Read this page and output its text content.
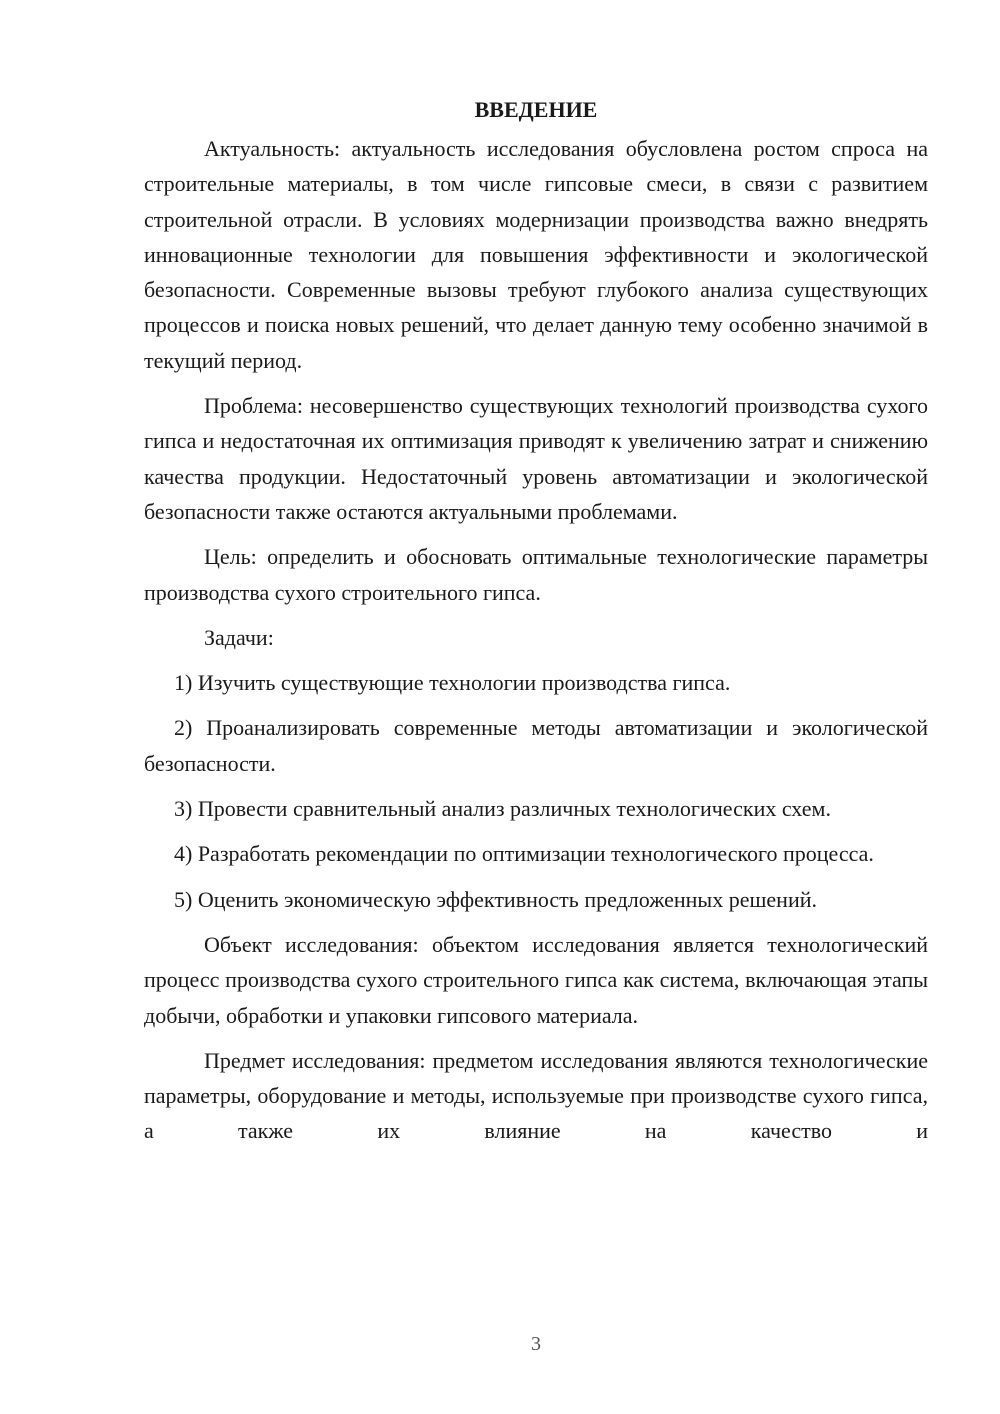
ВВЕДЕНИЕ

Актуальность: актуальность исследования обусловлена ростом спроса на строительные материалы, в том числе гипсовые смеси, в связи с развитием строительной отрасли. В условиях модернизации производства важно внедрять инновационные технологии для повышения эффективности и экологической безопасности. Современные вызовы требуют глубокого анализа существующих процессов и поиска новых решений, что делает данную тему особенно значимой в текущий период.

Проблема: несовершенство существующих технологий производства сухого гипса и недостаточная их оптимизация приводят к увеличению затрат и снижению качества продукции. Недостаточный уровень автоматизации и экологической безопасности также остаются актуальными проблемами.

Цель: определить и обосновать оптимальные технологические параметры производства сухого строительного гипса.

Задачи:

1) Изучить существующие технологии производства гипса.

2) Проанализировать современные методы автоматизации и экологической безопасности.

3) Провести сравнительный анализ различных технологических схем.

4) Разработать рекомендации по оптимизации технологического процесса.

5) Оценить экономическую эффективность предложенных решений.

Объект исследования: объектом исследования является технологический процесс производства сухого строительного гипса как система, включающая этапы добычи, обработки и упаковки гипсового материала.

Предмет исследования: предметом исследования являются технологические параметры, оборудование и методы, используемые при производстве сухого гипса, а также их влияние на качество и

3
